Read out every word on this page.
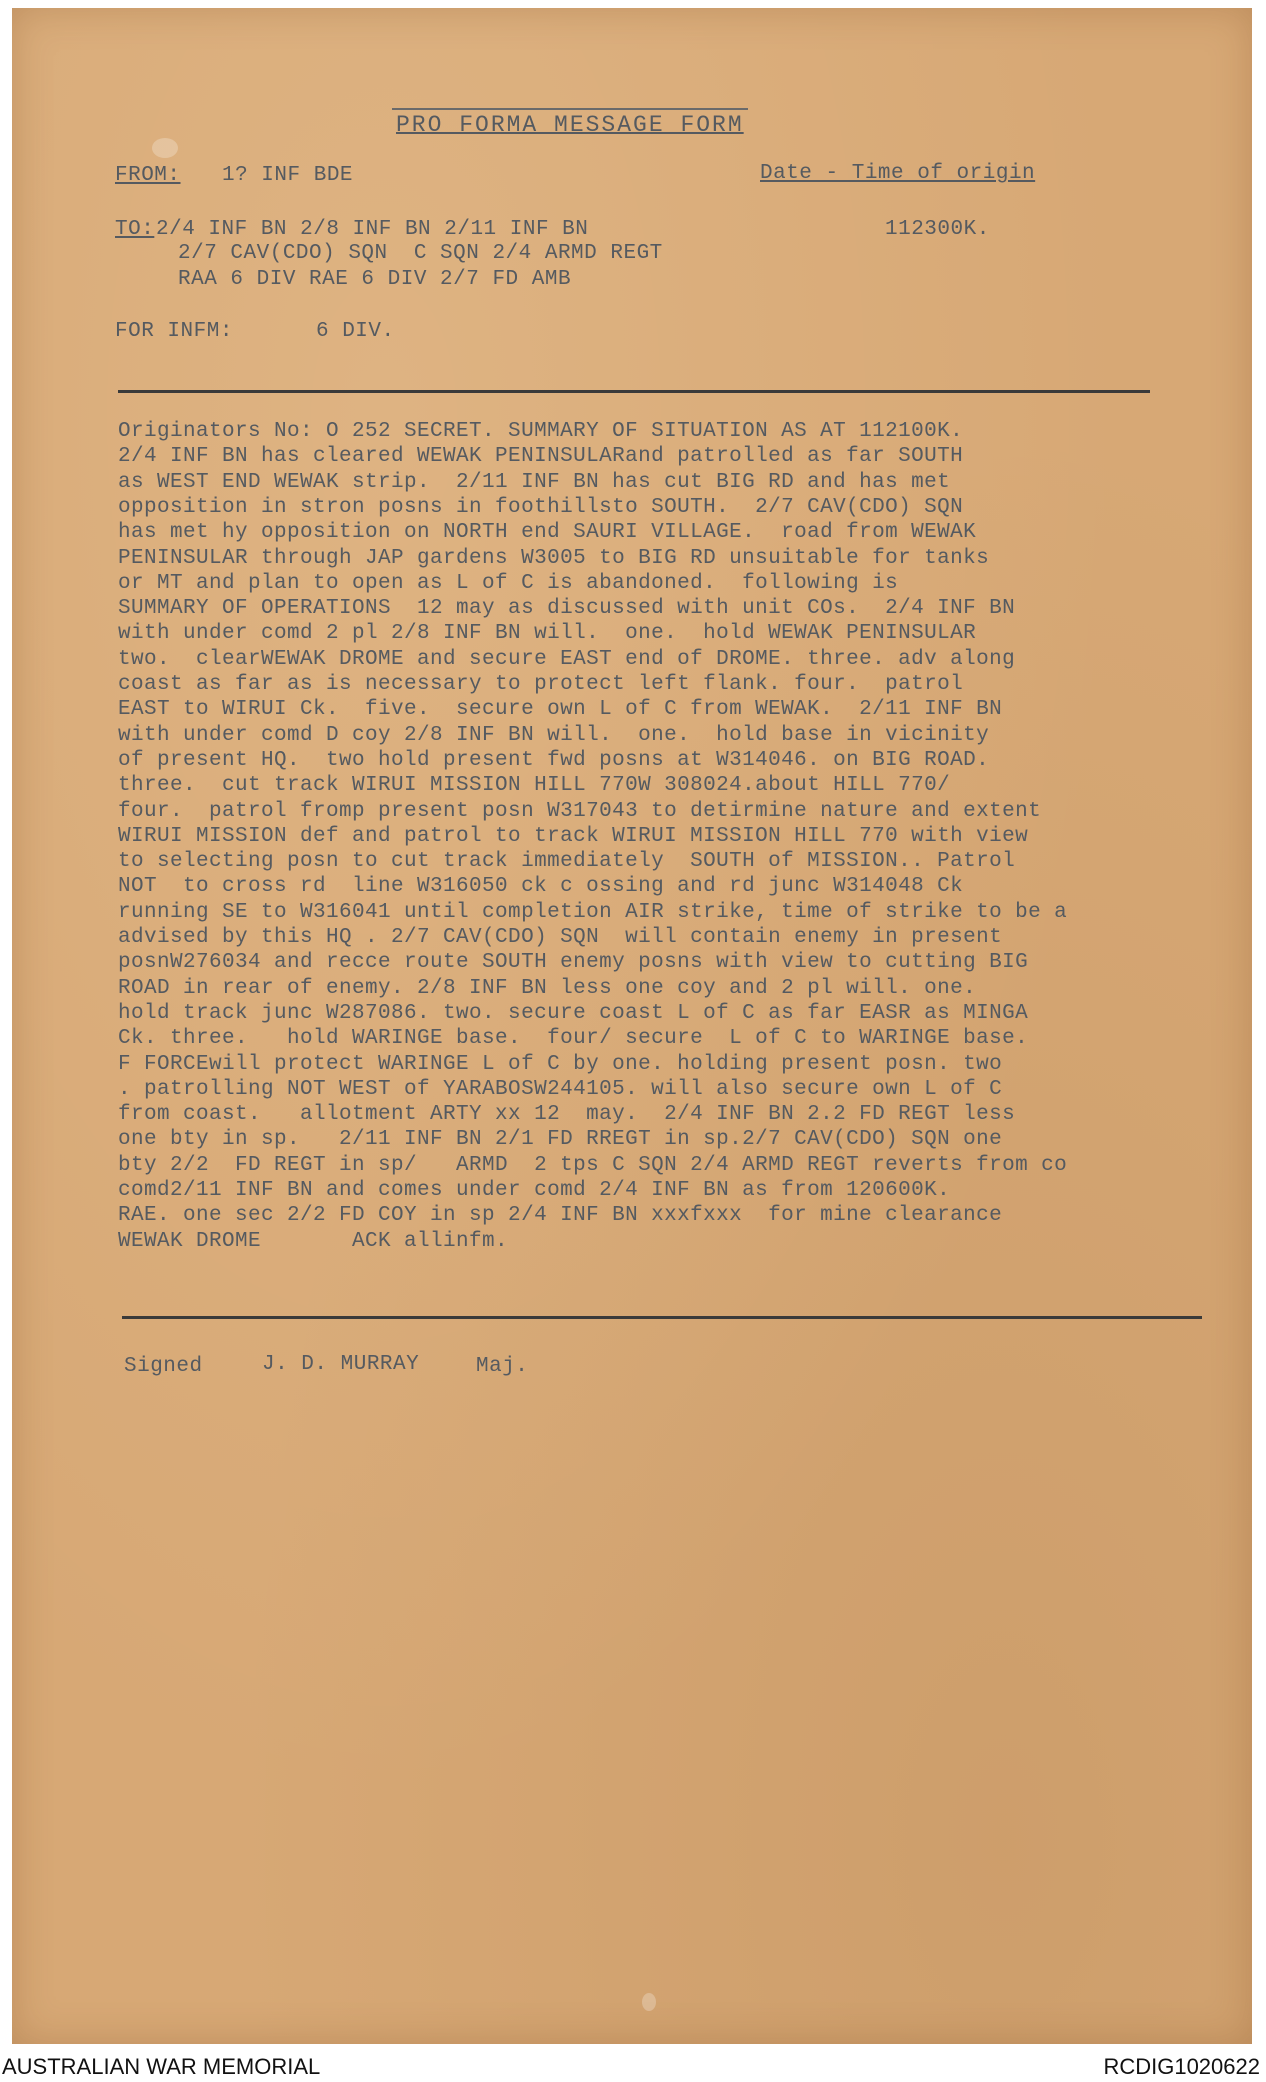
PRO FORMA MESSAGE FORM
FROM: 1? INF BDE	Date - Time of origin
TO: 2/4 INF BN 2/8 INF BN 2/11 INF BN	112300K.
2/7 CAV(CDO) SQN  C SQN 2/4 ARMD REGT
RAA 6 DIV RAE 6 DIV 2/7 FD AMB
FOR INFM:	6 DIV.
Originators No: O 252 SECRET. SUMMARY OF SITUATION AS AT 112100K.
2/4 INF BN has cleared WEWAK PENINSULARand patrolled as far SOUTH
as WEST END WEWAK strip.  2/11 INF BN has cut BIG RD and has met
opposition in stron posns in foothillsto SOUTH.  2/7 CAV(CDO) SQN
has met hy opposition on NORTH end SAURI VILLAGE.  road from WEWAK
PENINSULAR through JAP gardens W3005 to BIG RD unsuitable for tanks
or MT and plan to open as L of C is abandoned.  following is
SUMMARY OF OPERATIONS  12 may as discussed with unit COs.  2/4 INF BN
with under comd 2 pl 2/8 INF BN will.  one.  hold WEWAK PENINSULAR
two.  clearWEWAK DROME and secure EAST end of DROME. three. adv along
coast as far as is necessary to protect left flank. four.  patrol
EAST to WIRUI Ck.  five.  secure own L of C from WEWAK.  2/11 INF BN
with under comd D coy 2/8 INF BN will.  one.  hold base in vicinity
of present HQ.  two hold present fwd posns at W314046. on BIG ROAD.
three.  cut track WIRUI MISSION HILL 770W 308024.about HILL 770/
four.  patrol fromp present posn W317043 to detirmine nature and extent
WIRUI MISSION def and patrol to track WIRUI MISSION HILL 770 with view
to selecting posn to cut track immediately  SOUTH of MISSION.. Patrol
NOT  to cross rd  line W316050 ck c ossing and rd junc W314048 Ck
running SE to W316041 until completion AIR strike, time of strike to be a
advised by this HQ . 2/7 CAV(CDO) SQN  will contain enemy in present
posnW276034 and recce route SOUTH enemy posns with view to cutting BIG
ROAD in rear of enemy. 2/8 INF BN less one coy and 2 pl will. one.
hold track junc W287086. two. secure coast L of C as far EASR as MINGA
Ck. three.   hold WARINGE base.  four/ secure  L of C to WARINGE base.
F FORCEwill protect WARINGE L of C by one. holding present posn. two
. patrolling NOT WEST of YARABOSW244105. will also secure own L of C
from coast.   allotment ARTY xx 12  may.  2/4 INF BN 2.2 FD REGT less
one bty in sp.   2/11 INF BN 2/1 FD RREGT in sp.2/7 CAV(CDO) SQN one
bty 2/2  FD REGT in sp/   ARMD  2 tps C SQN 2/4 ARMD REGT reverts from co
comd2/11 INF BN and comes under comd 2/4 INF BN as from 120600K.
RAE. one sec 2/2 FD COY in sp 2/4 INF BN xxxfxxx  for mine clearance
WEWAK DROME       ACK allinfm.
Signed	J. D. MURRAY	Maj.
AUSTRALIAN WAR MEMORIAL	RCDIG1020622
